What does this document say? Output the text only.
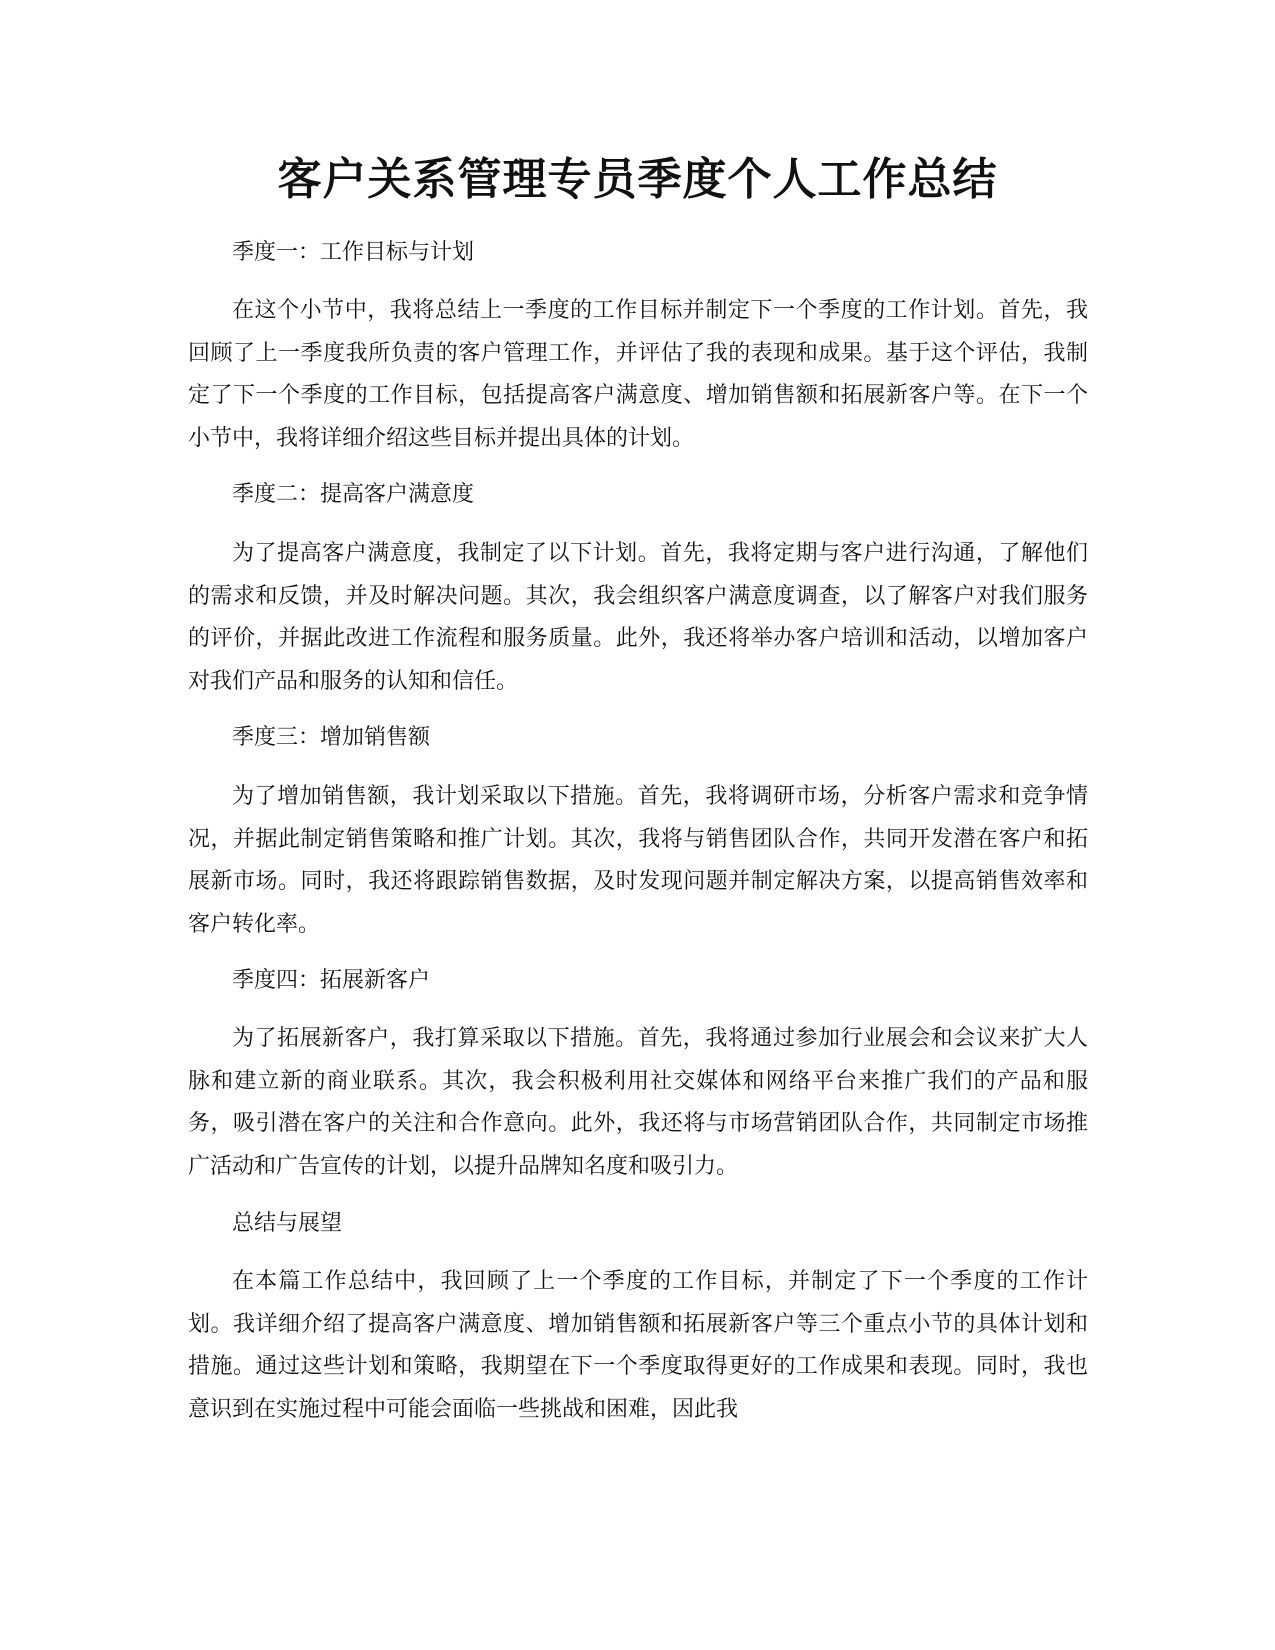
客户关系管理专员季度个人工作总结
季度一：工作目标与计划

在这个小节中，我将总结上一季度的工作目标并制定下一个季度的工作计划。首先，我回顾了上一季度我所负责的客户管理工作，并评估了我的表现和成果。基于这个评估，我制定了下一个季度的工作目标，包括提高客户满意度、增加销售额和拓展新客户等。在下一个小节中，我将详细介绍这些目标并提出具体的计划。

季度二：提高客户满意度

为了提高客户满意度，我制定了以下计划。首先，我将定期与客户进行沟通，了解他们的需求和反馈，并及时解决问题。其次，我会组织客户满意度调查，以了解客户对我们服务的评价，并据此改进工作流程和服务质量。此外，我还将举办客户培训和活动，以增加客户对我们产品和服务的认知和信任。

季度三：增加销售额

为了增加销售额，我计划采取以下措施。首先，我将调研市场，分析客户需求和竞争情况，并据此制定销售策略和推广计划。其次，我将与销售团队合作，共同开发潜在客户和拓展新市场。同时，我还将跟踪销售数据，及时发现问题并制定解决方案，以提高销售效率和客户转化率。

季度四：拓展新客户

为了拓展新客户，我打算采取以下措施。首先，我将通过参加行业展会和会议来扩大人脉和建立新的商业联系。其次，我会积极利用社交媒体和网络平台来推广我们的产品和服务，吸引潜在客户的关注和合作意向。此外，我还将与市场营销团队合作，共同制定市场推广活动和广告宣传的计划，以提升品牌知名度和吸引力。

总结与展望

在本篇工作总结中，我回顾了上一个季度的工作目标，并制定了下一个季度的工作计划。我详细介绍了提高客户满意度、增加销售额和拓展新客户等三个重点小节的具体计划和措施。通过这些计划和策略，我期望在下一个季度取得更好的工作成果和表现。同时，我也意识到在实施过程中可能会面临一些挑战和困难，因此我
